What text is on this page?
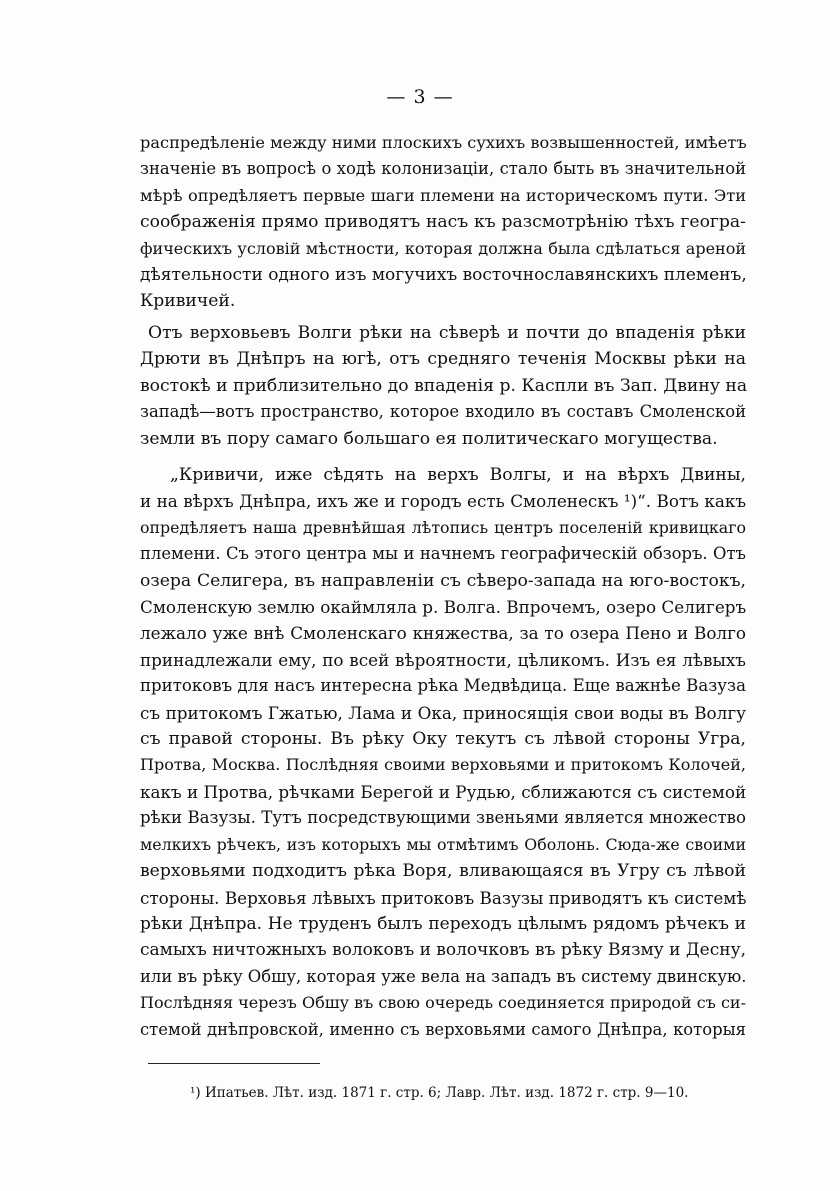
— 3 —
распредѣленіе между ними плоскихъ сухихъ возвышенностей, имѣетъ
значеніе въ вопросѣ о ходѣ колонизаціи, стало быть въ значительной
мѣрѣ опредѣляетъ первые шаги племени на историческомъ пути. Эти
соображенія прямо приводятъ насъ къ разсмотрѣнію тѣхъ геогра-
фическихъ условій мѣстности, которая должна была сдѣлаться ареной
дѣятельности одного изъ могучихъ восточнославянскихъ племенъ,
Кривичей.
Отъ верховьевъ Волги рѣки на сѣверѣ и почти до впаденія рѣки
Дрюти въ Днѣпръ на югѣ, отъ средняго теченія Москвы рѣки на
востокѣ и приблизительно до впаденія р. Каспли въ Зап. Двину на
западѣ—вотъ пространство, которое входило въ составъ Смоленской
земли въ пору самаго большаго ея политическаго могущества.
„Кривичи, иже сѣдять на верхъ Волгы, и на вѣрхъ Двины,
и на вѣрхъ Днѣпра, ихъ же и городъ есть Смоленескъ ¹)“. Вотъ какъ
опредѣляетъ наша древнѣйшая лѣтопись центръ поселеній кривицкаго
племени. Съ этого центра мы и начнемъ географическій обзоръ. Отъ
озера Селигера, въ направленіи съ сѣверо-запада на юго-востокъ,
Смоленскую землю окаймляла р. Волга. Впрочемъ, озеро Селигеръ
лежало уже внѣ Смоленскаго княжества, за то озера Пено и Волго
принадлежали ему, по всей вѣроятности, цѣликомъ. Изъ ея лѣвыхъ
притоковъ для насъ интересна рѣка Медвѣдица. Еще важнѣе Вазуза
съ притокомъ Гжатью, Лама и Ока, приносящія свои воды въ Волгу
съ правой стороны. Въ рѣку Оку текутъ съ лѣвой стороны Угра,
Протва, Москва. Послѣдняя своими верховьями и притокомъ Колочей,
какъ и Протва, рѣчками Берегой и Рудью, сближаются съ системой
рѣки Вазузы. Тутъ посредствующими звеньями является множество
мелкихъ рѣчекъ, изъ которыхъ мы отмѣтимъ Оболонь. Сюда-же своими
верховьями подходитъ рѣка Воря, вливающаяся въ Угру съ лѣвой
стороны. Верховья лѣвыхъ притоковъ Вазузы приводятъ къ системѣ
рѣки Днѣпра. Не труденъ былъ переходъ цѣлымъ рядомъ рѣчекъ и
самыхъ ничтожныхъ волоковъ и волочковъ въ рѣку Вязму и Десну,
или въ рѣку Обшу, которая уже вела на западъ въ систему двинскую.
Послѣдняя черезъ Обшу въ свою очередь соединяется природой съ си-
стемой днѣпровской, именно съ верховьями самого Днѣпра, которыя
¹) Ипатьев. Лѣт. изд. 1871 г. стр. 6; Лавр. Лѣт. изд. 1872 г. стр. 9—10.
